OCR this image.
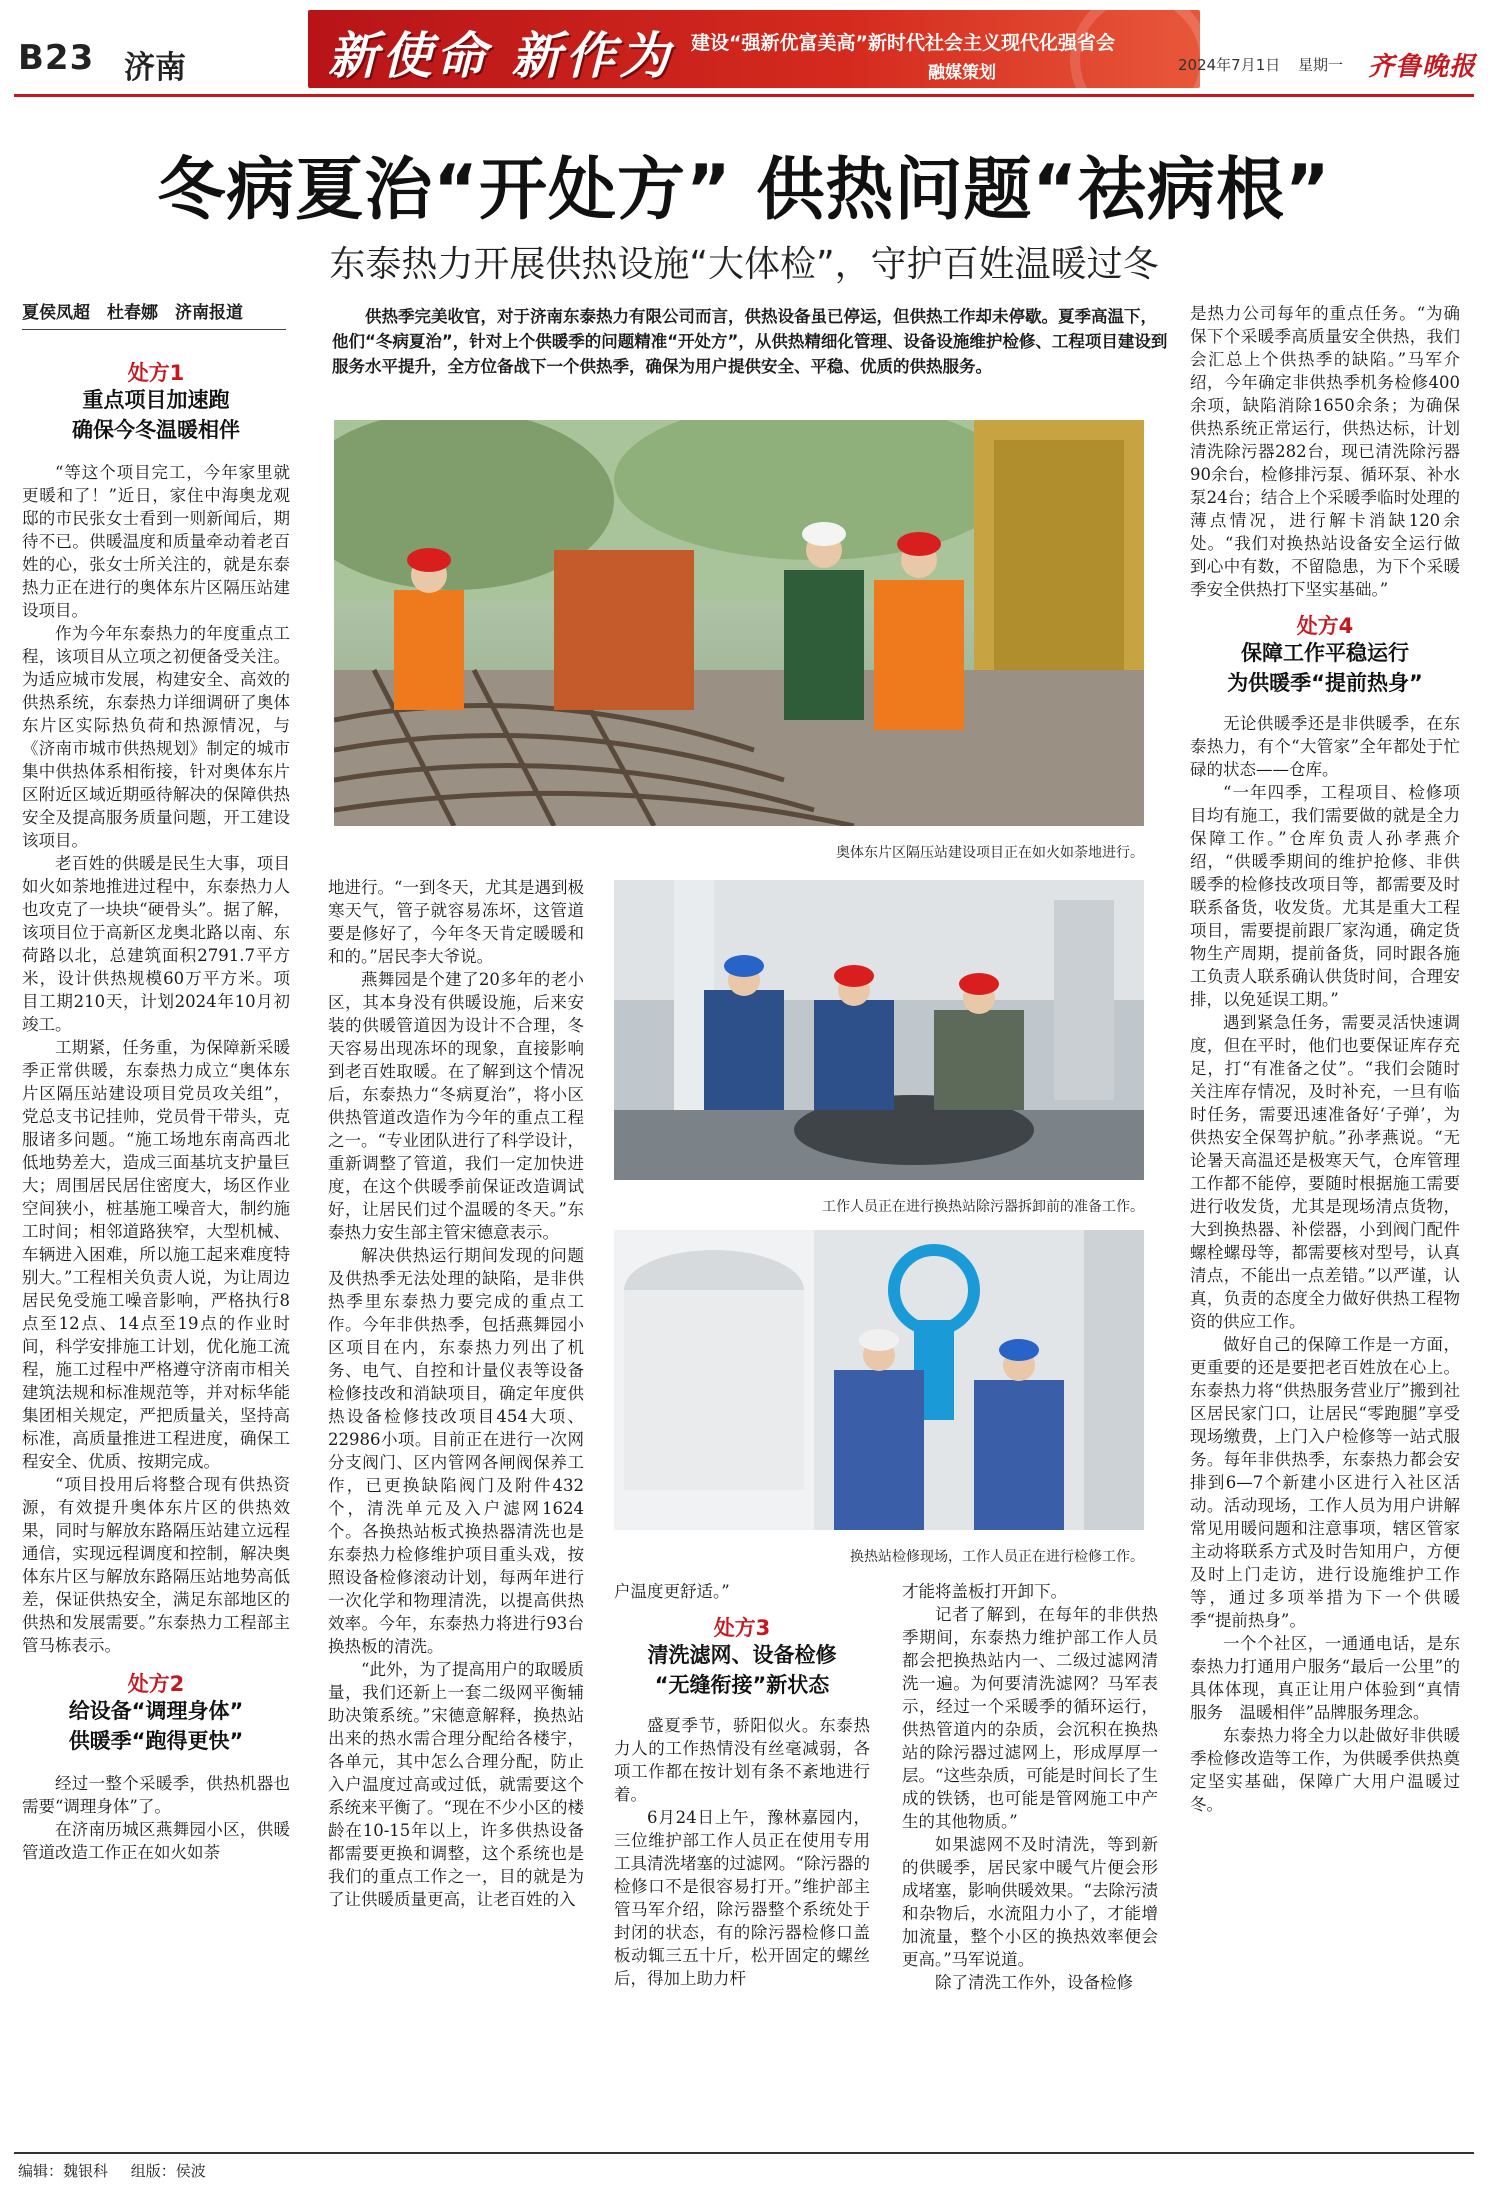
B23 济南	新使命 新作为 建设“强新优富美高”新时代社会主义现代化强省会
融媒策划	2024年7月1日 星期一 齐鲁晚报
冬病夏治“开处方” 供热问题“祛病根”
东泰热力开展供热设施“大体检”，守护百姓温暖过冬
夏侯凤超　杜春娜　济南报道	供热季完美收官，对于济南东泰热力有限公司而言，供热设备虽已停运，但供热工作却未停歇。夏季高温下，他们“冬病夏治”，针对上个供暖季的问题精准“开处方”，从供热精细化管理、设备设施维护检修、工程项目建设到服务水平提升，全方位备战下一个供热季，确保为用户提供安全、平稳、优质的供热服务。
处方1
重点项目加速跑
确保今冬温暖相伴

“等这个项目完工，今年家里就更暖和了！”近日，家住中海奥龙观邸的市民张女士看到一则新闻后，期待不已。供暖温度和质量牵动着老百姓的心，张女士所关注的，就是东泰热力正在进行的奥体东片区隔压站建设项目。

作为今年东泰热力的年度重点工程，该项目从立项之初便备受关注。为适应城市发展，构建安全、高效的供热系统，东泰热力详细调研了奥体东片区实际热负荷和热源情况，与《济南市城市供热规划》制定的城市集中供热体系相衔接，针对奥体东片区附近区域近期亟待解决的保障供热安全及提高服务质量问题，开工建设该项目。

老百姓的供暖是民生大事，项目如火如荼地推进过程中，东泰热力人也攻克了一块块“硬骨头”。据了解，该项目位于高新区龙奥北路以南、东荷路以北，总建筑面积2791.7平方米，设计供热规模60万平方米。项目工期210天，计划2024年10月初竣工。

工期紧，任务重，为保障新采暖季正常供暖，东泰热力成立“奥体东片区隔压站建设项目党员攻关组”，党总支书记挂帅，党员骨干带头，克服诸多问题。“施工场地东南高西北低地势差大，造成三面基坑支护量巨大；周围居民居住密度大，场区作业空间狭小，桩基施工噪音大，制约施工时间；相邻道路狭窄，大型机械、车辆进入困难，所以施工起来难度特别大。”工程相关负责人说，为让周边居民免受施工噪音影响，严格执行8点至12点、14点至19点的作业时间，科学安排施工计划，优化施工流程，施工过程中严格遵守济南市相关建筑法规和标准规范等，并对标华能集团相关规定，严把质量关，坚持高标准，高质量推进工程进度，确保工程安全、优质、按期完成。

“项目投用后将整合现有供热资源，有效提升奥体东片区的供热效果，同时与解放东路隔压站建立远程通信，实现远程调度和控制，解决奥体东片区与解放东路隔压站地势高低差，保证供热安全，满足东部地区的供热和发展需要。”东泰热力工程部主管马栋表示。

处方2
给设备“调理身体”
供暖季“跑得更快”

经过一整个采暖季，供热机器也需要“调理身体”了。

在济南历城区燕舞园小区，供暖管道改造工作正在如火如荼

奥体东片区隔压站建设项目正在如火如荼地进行。

地进行。“一到冬天，尤其是遇到极寒天气，管子就容易冻坏，这管道要是修好了，今年冬天肯定暖暖和和的。”居民李大爷说。

燕舞园是个建了20多年的老小区，其本身没有供暖设施，后来安装的供暖管道因为设计不合理，冬天容易出现冻坏的现象，直接影响到老百姓取暖。在了解到这个情况后，东泰热力“冬病夏治”，将小区供热管道改造作为今年的重点工程之一。“专业团队进行了科学设计，重新调整了管道，我们一定加快进度，在这个供暖季前保证改造调试好，让居民们过个温暖的冬天。”东泰热力安生部主管宋德意表示。

解决供热运行期间发现的问题及供热季无法处理的缺陷，是非供热季里东泰热力要完成的重点工作。今年非供热季，包括燕舞园小区项目在内，东泰热力列出了机务、电气、自控和计量仪表等设备检修技改和消缺项目，确定年度供热设备检修技改项目454大项、22986小项。目前正在进行一次网分支阀门、区内管网各闸阀保养工作，已更换缺陷阀门及附件432个，清洗单元及入户滤网1624个。各换热站板式换热器清洗也是东泰热力检修维护项目重头戏，按照设备检修滚动计划，每两年进行一次化学和物理清洗，以提高供热效率。今年，东泰热力将进行93台换热板的清洗。

“此外，为了提高用户的取暖质量，我们还新上一套二级网平衡辅助决策系统。”宋德意解释，换热站出来的热水需合理分配给各楼宇，各单元，其中怎么合理分配，防止入户温度过高或过低，就需要这个系统来平衡了。“现在不少小区的楼龄在10-15年以上，许多供热设备都需要更换和调整，这个系统也是我们的重点工作之一，目的就是为了让供暖质量更高，让老百姓的入

工作人员正在进行换热站除污器拆卸前的准备工作。
换热站检修现场，工作人员正在进行检修工作。

户温度更舒适。”

处方3
清洗滤网、设备检修
“无缝衔接”新状态

盛夏季节，骄阳似火。东泰热力人的工作热情没有丝毫减弱，各项工作都在按计划有条不紊地进行着。

6月24日上午，豫林嘉园内，三位维护部工作人员正在使用专用工具清洗堵塞的过滤网。“除污器的检修口不是很容易打开。”维护部主管马军介绍，除污器整个系统处于封闭的状态，有的除污器检修口盖板动辄三五十斤，松开固定的螺丝后，得加上助力杆

才能将盖板打开卸下。

记者了解到，在每年的非供热季期间，东泰热力维护部工作人员都会把换热站内一、二级过滤网清洗一遍。为何要清洗滤网？马军表示，经过一个采暖季的循环运行，供热管道内的杂质，会沉积在换热站的除污器过滤网上，形成厚厚一层。“这些杂质，可能是时间长了生成的铁锈，也可能是管网施工中产生的其他物质。”

如果滤网不及时清洗，等到新的供暖季，居民家中暖气片便会形成堵塞，影响供暖效果。“去除污渍和杂物后，水流阻力小了，才能增加流量，整个小区的换热效率便会更高。”马军说道。

除了清洗工作外，设备检修

是热力公司每年的重点任务。“为确保下个采暖季高质量安全供热，我们会汇总上个供热季的缺陷。”马军介绍，今年确定非供热季机务检修400余项，缺陷消除1650余条；为确保供热系统正常运行，供热达标，计划清洗除污器282台，现已清洗除污器90余台，检修排污泵、循环泵、补水泵24台；结合上个采暖季临时处理的薄点情况，进行解卡消缺120余处。“我们对换热站设备安全运行做到心中有数，不留隐患，为下个采暖季安全供热打下坚实基础。”

处方4
保障工作平稳运行
为供暖季“提前热身”

无论供暖季还是非供暖季，在东泰热力，有个“大管家”全年都处于忙碌的状态——仓库。

“一年四季，工程项目、检修项目均有施工，我们需要做的就是全力保障工作。”仓库负责人孙孝燕介绍，“供暖季期间的维护抢修、非供暖季的检修技改项目等，都需要及时联系备货，收发货。尤其是重大工程项目，需要提前跟厂家沟通，确定货物生产周期，提前备货，同时跟各施工负责人联系确认供货时间，合理安排，以免延误工期。”

遇到紧急任务，需要灵活快速调度，但在平时，他们也要保证库存充足，打“有准备之仗”。“我们会随时关注库存情况，及时补充，一旦有临时任务，需要迅速准备好‘子弹’，为供热安全保驾护航。”孙孝燕说。“无论暑天高温还是极寒天气，仓库管理工作都不能停，要随时根据施工需要进行收发货，尤其是现场清点货物，大到换热器、补偿器，小到阀门配件螺栓螺母等，都需要核对型号，认真清点，不能出一点差错。”以严谨，认真，负责的态度全力做好供热工程物资的供应工作。

做好自己的保障工作是一方面，更重要的还是要把老百姓放在心上。东泰热力将“供热服务营业厅”搬到社区居民家门口，让居民“零跑腿”享受现场缴费，上门入户检修等一站式服务。每年非供热季，东泰热力都会安排到6—7个新建小区进行入社区活动。活动现场，工作人员为用户讲解常见用暖问题和注意事项，辖区管家主动将联系方式及时告知用户，方便及时上门走访，进行设施维护工作等，通过多项举措为下一个供暖季“提前热身”。

一个个社区，一通通电话，是东泰热力打通用户服务“最后一公里”的具体体现，真正让用户体验到“真情服务　温暖相伴”品牌服务理念。

东泰热力将全力以赴做好非供暖季检修改造等工作，为供暖季供热奠定坚实基础，保障广大用户温暖过冬。

编辑：魏银科 组版：侯波
